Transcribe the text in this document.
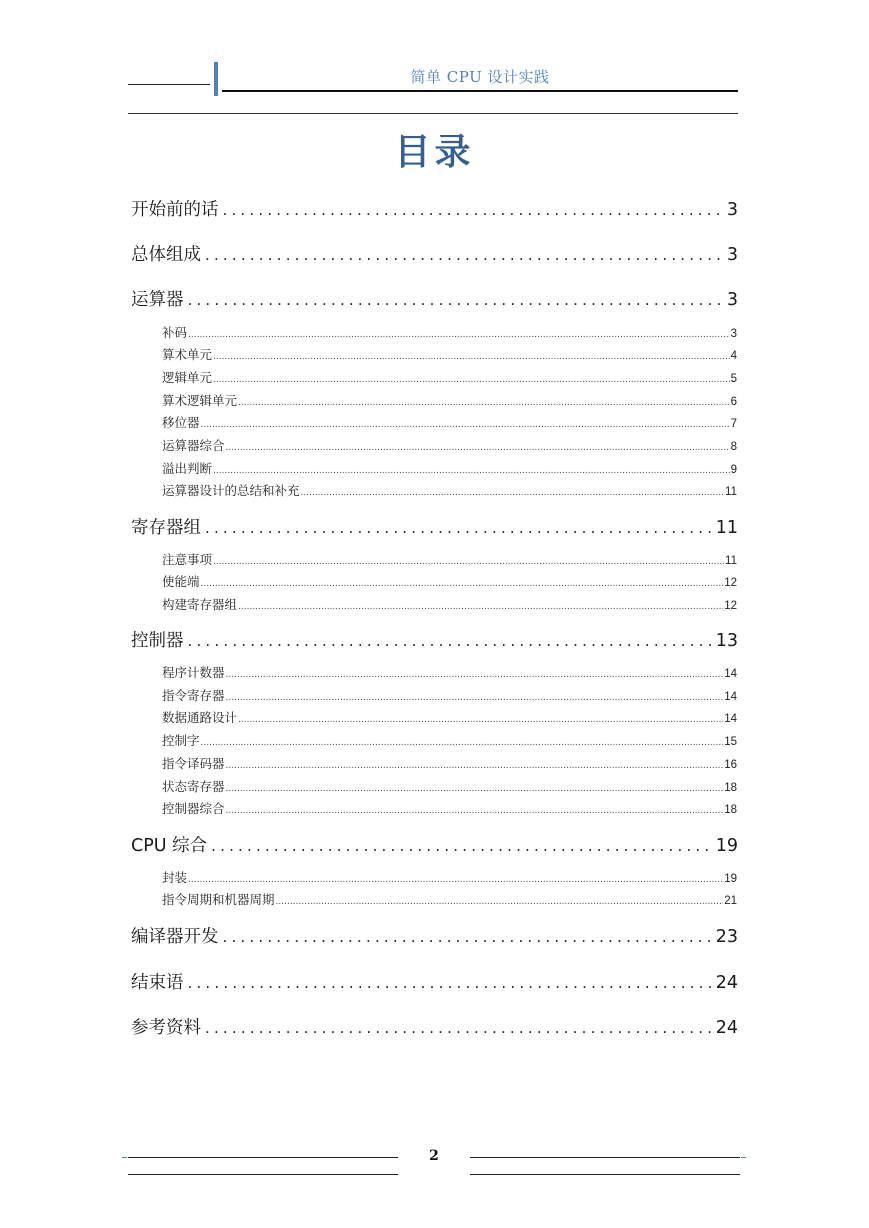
简单 CPU 设计实践
目录
开始前的话 .....	3
总体组成 .....	3
运算器 .....	3
补码 .....	3
算术单元 .....	4
逻辑单元 .....	5
算术逻辑单元 .....	6
移位器 .....	7
运算器综合 .....	8
溢出判断 .....	9
运算器设计的总结和补充 .....	11
寄存器组 .....	11
注意事项 .....	11
使能端 .....	12
构建寄存器组 .....	12
控制器 .....	13
程序计数器 .....	14
指令寄存器 .....	14
数据通路设计 .....	14
控制字 .....	15
指令译码器 .....	16
状态寄存器 .....	18
控制器综合 .....	18
CPU 综合 .....	19
封装 .....	19
指令周期和机器周期 .....	21
编译器开发 .....	23
结束语 .....	24
参考资料 .....	24
2
